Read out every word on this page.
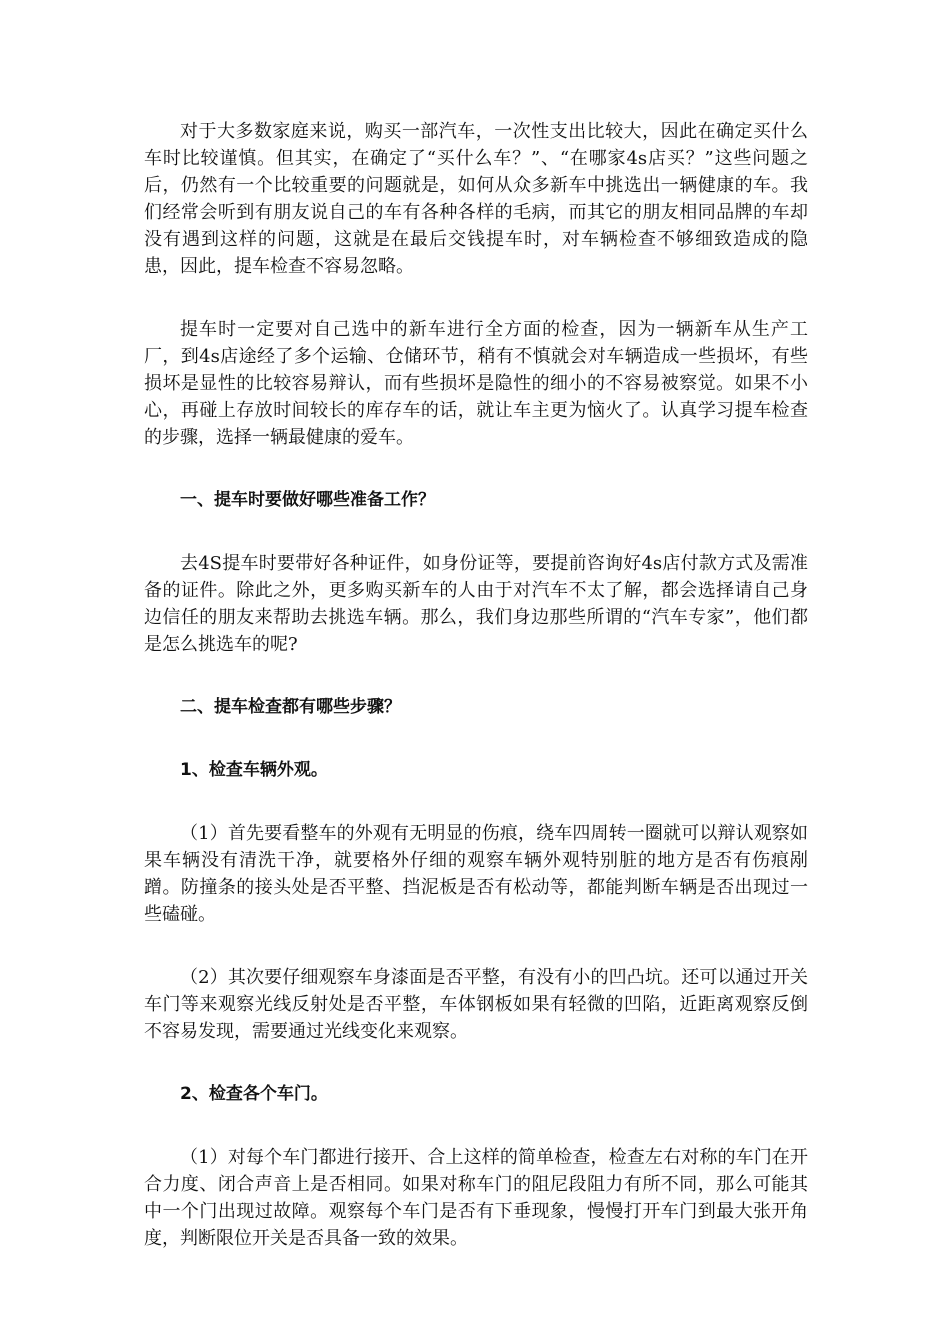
对于大多数家庭来说，购买一部汽车，一次性支出比较大，因此在确定买什么车时比较谨慎。但其实，在确定了“买什么车？”、“在哪家4s店买？”这些问题之后，仍然有一个比较重要的问题就是，如何从众多新车中挑选出一辆健康的车。我们经常会听到有朋友说自己的车有各种各样的毛病，而其它的朋友相同品牌的车却没有遇到这样的问题，这就是在最后交钱提车时，对车辆检查不够细致造成的隐患，因此，提车检查不容易忽略。

提车时一定要对自己选中的新车进行全方面的检查，因为一辆新车从生产工厂，到4s店途经了多个运输、仓储环节，稍有不慎就会对车辆造成一些损坏，有些损坏是显性的比较容易辩认，而有些损坏是隐性的细小的不容易被察觉。如果不小心，再碰上存放时间较长的库存车的话，就让车主更为恼火了。认真学习提车检查的步骤，选择一辆最健康的爱车。

一、提车时要做好哪些准备工作？

去4S提车时要带好各种证件，如身份证等，要提前咨询好4s店付款方式及需准备的证件。除此之外，更多购买新车的人由于对汽车不太了解，都会选择请自己身边信任的朋友来帮助去挑选车辆。那么，我们身边那些所谓的“汽车专家”，他们都是怎么挑选车的呢?

二、提车检查都有哪些步骤？

1、检查车辆外观。

（1）首先要看整车的外观有无明显的伤痕，绕车四周转一圈就可以辩认观察如果车辆没有清洗干净，就要格外仔细的观察车辆外观特别脏的地方是否有伤痕剐蹭。防撞条的接头处是否平整、挡泥板是否有松动等，都能判断车辆是否出现过一些磕碰。

（2）其次要仔细观察车身漆面是否平整，有没有小的凹凸坑。还可以通过开关车门等来观察光线反射处是否平整，车体钢板如果有轻微的凹陷，近距离观察反倒不容易发现，需要通过光线变化来观察。

2、检查各个车门。

（1）对每个车门都进行接开、合上这样的简单检查，检查左右对称的车门在开合力度、闭合声音上是否相同。如果对称车门的阻尼段阻力有所不同，那么可能其中一个门出现过故障。观察每个车门是否有下垂现象，慢慢打开车门到最大张开角度，判断限位开关是否具备一致的效果。
